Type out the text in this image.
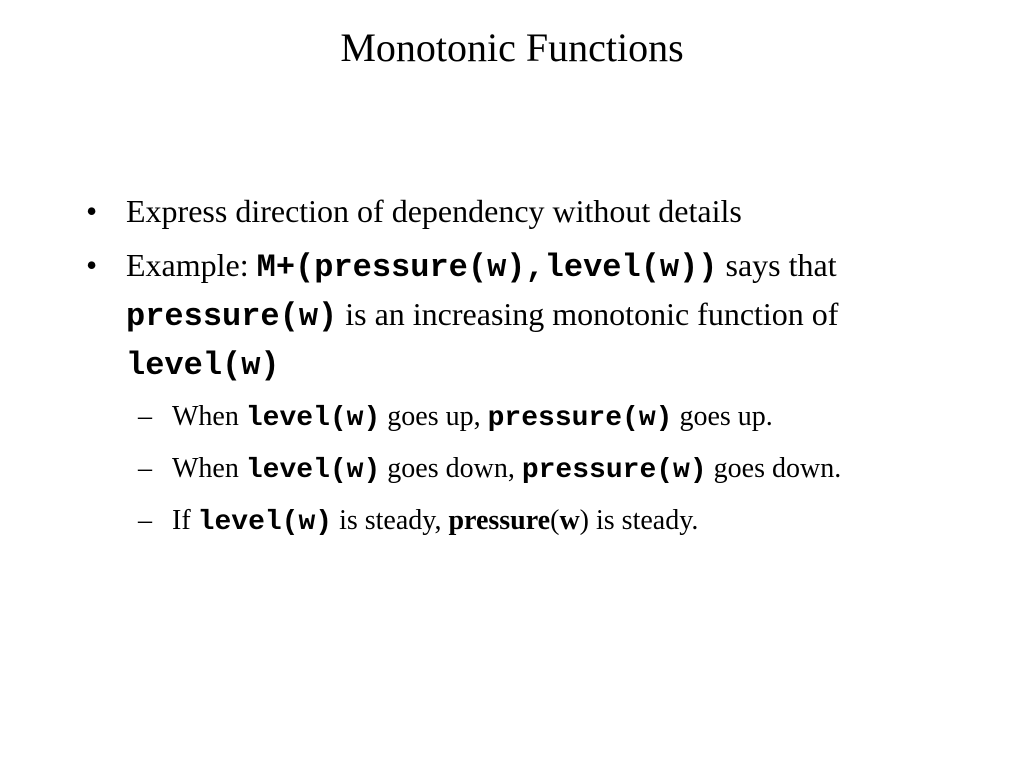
Monotonic Functions
• Express direction of dependency without details
• Example: M+(pressure(w),level(w)) says that pressure(w) is an increasing monotonic function of level(w)
– When level(w) goes up, pressure(w) goes up.
– When level(w) goes down, pressure(w) goes down.
– If level(w) is steady, pressure(w) is steady.
